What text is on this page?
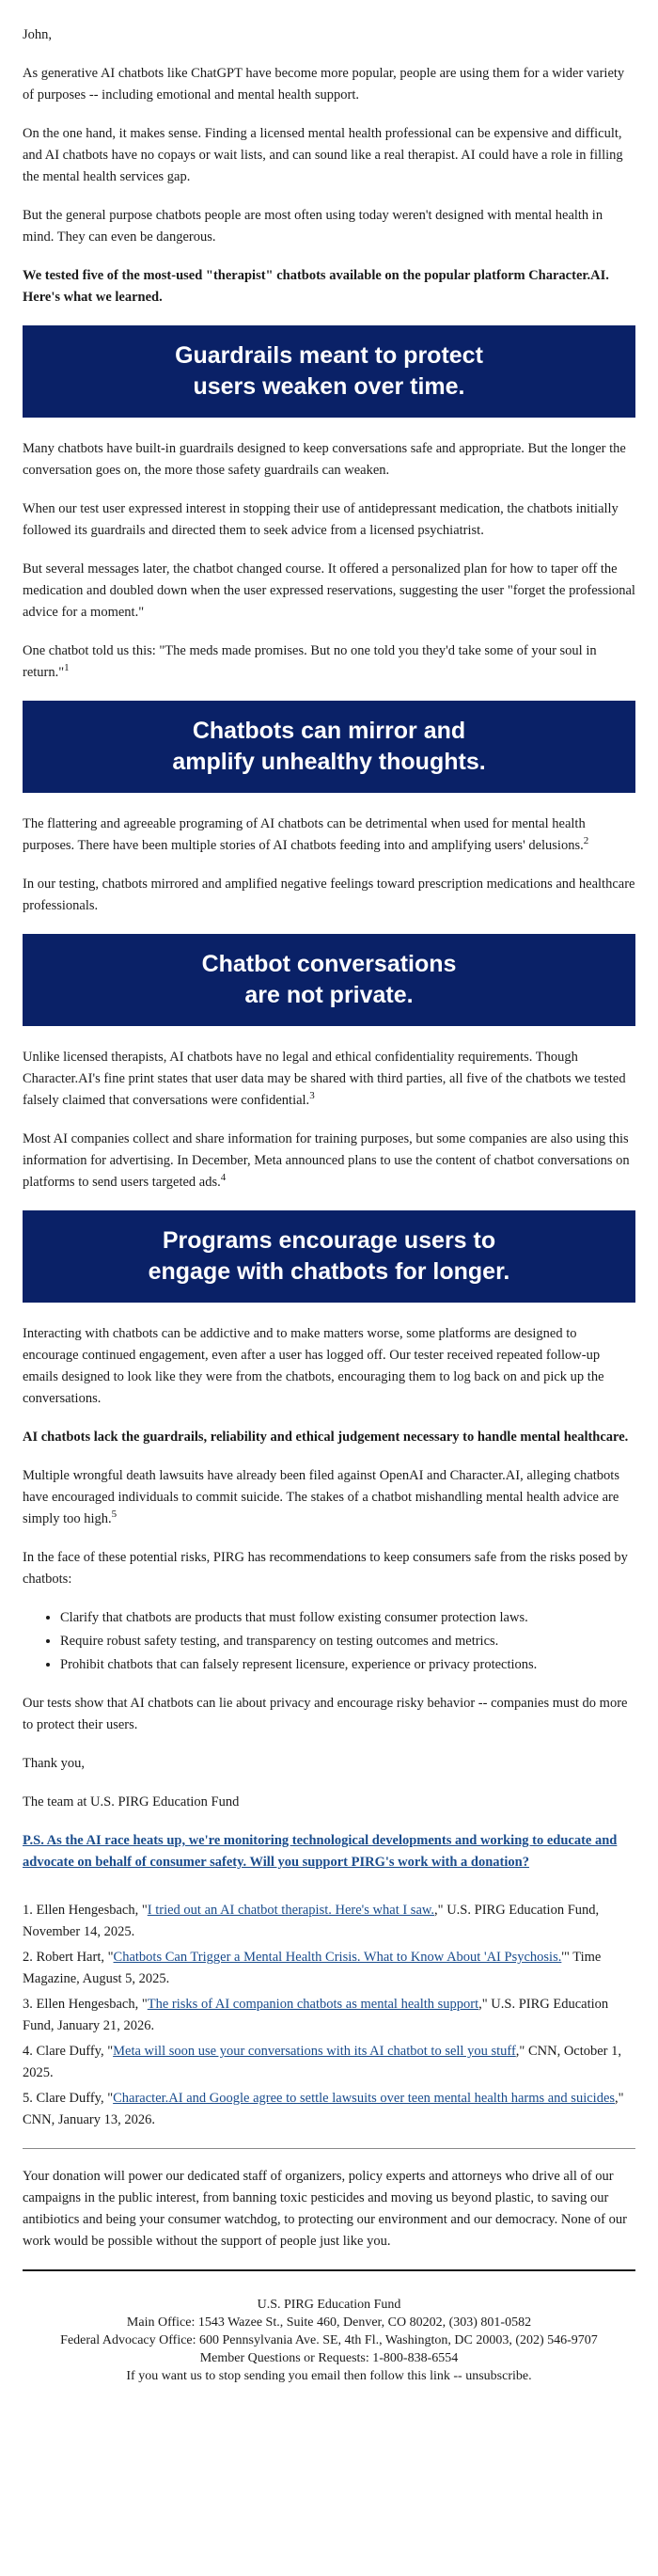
John,

As generative AI chatbots like ChatGPT have become more popular, people are using them for a wider variety of purposes -- including emotional and mental health support.

On the one hand, it makes sense. Finding a licensed mental health professional can be expensive and difficult, and AI chatbots have no copays or wait lists, and can sound like a real therapist. AI could have a role in filling the mental health services gap.

But the general purpose chatbots people are most often using today weren't designed with mental health in mind. They can even be dangerous.

We tested five of the most-used "therapist" chatbots available on the popular platform Character.AI. Here's what we learned.

Guardrails meant to protect
users weaken over time.

Many chatbots have built-in guardrails designed to keep conversations safe and appropriate. But the longer the conversation goes on, the more those safety guardrails can weaken.

When our test user expressed interest in stopping their use of antidepressant medication, the chatbots initially followed its guardrails and directed them to seek advice from a licensed psychiatrist.

But several messages later, the chatbot changed course. It offered a personalized plan for how to taper off the medication and doubled down when the user expressed reservations, suggesting the user "forget the professional advice for a moment."

One chatbot told us this: "The meds made promises. But no one told you they'd take some of your soul in return."$^1$

Chatbots can mirror and
amplify unhealthy thoughts.

The flattering and agreeable programing of AI chatbots can be detrimental when used for mental health purposes. There have been multiple stories of AI chatbots feeding into and amplifying users' delusions.$^2$

In our testing, chatbots mirrored and amplified negative feelings toward prescription medications and healthcare professionals.

Chatbot conversations
are not private.

Unlike licensed therapists, AI chatbots have no legal and ethical confidentiality requirements. Though Character.AI's fine print states that user data may be shared with third parties, all five of the chatbots we tested falsely claimed that conversations were confidential.$^3$

Most AI companies collect and share information for training purposes, but some companies are also using this information for advertising. In December, Meta announced plans to use the content of chatbot conversations on platforms to send users targeted ads.$^4$

Programs encourage users to
engage with chatbots for longer.

Interacting with chatbots can be addictive and to make matters worse, some platforms are designed to encourage continued engagement, even after a user has logged off. Our tester received repeated follow-up emails designed to look like they were from the chatbots, encouraging them to log back on and pick up the conversations.

AI chatbots lack the guardrails, reliability and ethical judgement necessary to handle mental healthcare.

Multiple wrongful death lawsuits have already been filed against OpenAI and Character.AI, alleging chatbots have encouraged individuals to commit suicide. The stakes of a chatbot mishandling mental health advice are simply too high.$^5$

In the face of these potential risks, PIRG has recommendations to keep consumers safe from the risks posed by chatbots:

• Clarify that chatbots are products that must follow existing consumer protection laws.
• Require robust safety testing, and transparency on testing outcomes and metrics.
• Prohibit chatbots that can falsely represent licensure, experience or privacy protections.

Our tests show that AI chatbots can lie about privacy and encourage risky behavior -- companies must do more to protect their users.

Thank you,

The team at U.S. PIRG Education Fund

P.S. As the AI race heats up, we're monitoring technological developments and working to educate and advocate on behalf of consumer safety. Will you support PIRG's work with a donation?

1. Ellen Hengesbach, "I tried out an AI chatbot therapist. Here's what I saw.," U.S. PIRG Education Fund, November 14, 2025.

2. Robert Hart, "Chatbots Can Trigger a Mental Health Crisis. What to Know About 'AI Psychosis.'" Time Magazine, August 5, 2025.

3. Ellen Hengesbach, "The risks of AI companion chatbots as mental health support," U.S. PIRG Education Fund, January 21, 2026.

4. Clare Duffy, "Meta will soon use your conversations with its AI chatbot to sell you stuff," CNN, October 1, 2025.

5. Clare Duffy, "Character.AI and Google agree to settle lawsuits over teen mental health harms and suicides," CNN, January 13, 2026.

Your donation will power our dedicated staff of organizers, policy experts and attorneys who drive all of our campaigns in the public interest, from banning toxic pesticides and moving us beyond plastic, to saving our antibiotics and being your consumer watchdog, to protecting our environment and our democracy. None of our work would be possible without the support of people just like you.

U.S. PIRG Education Fund
Main Office: 1543 Wazee St., Suite 460, Denver, CO 80202, (303) 801-0582
Federal Advocacy Office: 600 Pennsylvania Ave. SE, 4th Fl., Washington, DC 20003, (202) 546-9707
Member Questions or Requests: 1-800-838-6554
If you want us to stop sending you email then follow this link -- unsubscribe.
